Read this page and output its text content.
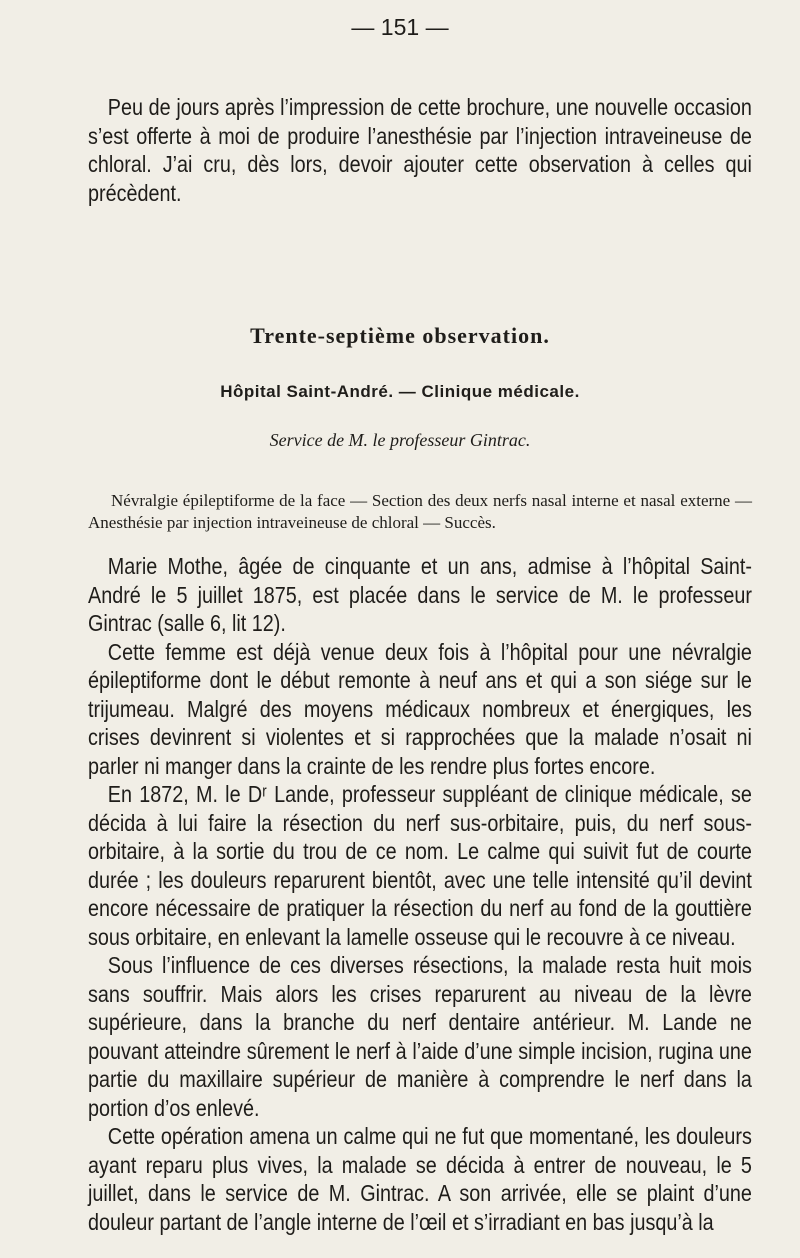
— 151 —

Peu de jours après l’impression de cette brochure, une nouvelle occasion s’est offerte à moi de produire l’anesthésie par l’injection intraveineuse de chloral. J’ai cru, dès lors, devoir ajouter cette observation à celles qui précèdent.

Trente-septième observation.
Hôpital Saint-André. — Clinique médicale.
Service de M. le professeur Gintrac.

Névralgie épileptiforme de la face — Section des deux nerfs nasal interne et nasal externe — Anesthésie par injection intraveineuse de chloral — Succès.

Marie Mothe, âgée de cinquante et un ans, admise à l’hôpital Saint-André le 5 juillet 1875, est placée dans le service de M. le professeur Gintrac (salle 6, lit 12).

Cette femme est déjà venue deux fois à l’hôpital pour une névralgie épileptiforme dont le début remonte à neuf ans et qui a son siége sur le trijumeau. Malgré des moyens médicaux nombreux et énergiques, les crises devinrent si violentes et si rapprochées que la malade n’osait ni parler ni manger dans la crainte de les rendre plus fortes encore.

En 1872, M. le Dʳ Lande, professeur suppléant de clinique médicale, se décida à lui faire la résection du nerf sus-orbitaire, puis, du nerf sous-orbitaire, à la sortie du trou de ce nom. Le calme qui suivit fut de courte durée ; les douleurs reparurent bientôt, avec une telle intensité qu’il devint encore nécessaire de pratiquer la résection du nerf au fond de la gouttière sous orbitaire, en enlevant la lamelle osseuse qui le recouvre à ce niveau.

Sous l’influence de ces diverses résections, la malade resta huit mois sans souffrir. Mais alors les crises reparurent au niveau de la lèvre supérieure, dans la branche du nerf dentaire antérieur. M. Lande ne pouvant atteindre sûrement le nerf à l’aide d’une simple incision, rugina une partie du maxillaire supérieur de manière à comprendre le nerf dans la portion d’os enlevé.

Cette opération amena un calme qui ne fut que momentané, les douleurs ayant reparu plus vives, la malade se décida à entrer de nouveau, le 5 juillet, dans le service de M. Gintrac. A son arrivée, elle se plaint d’une douleur partant de l’angle interne de l’œil et s’irradiant en bas jusqu’à la
